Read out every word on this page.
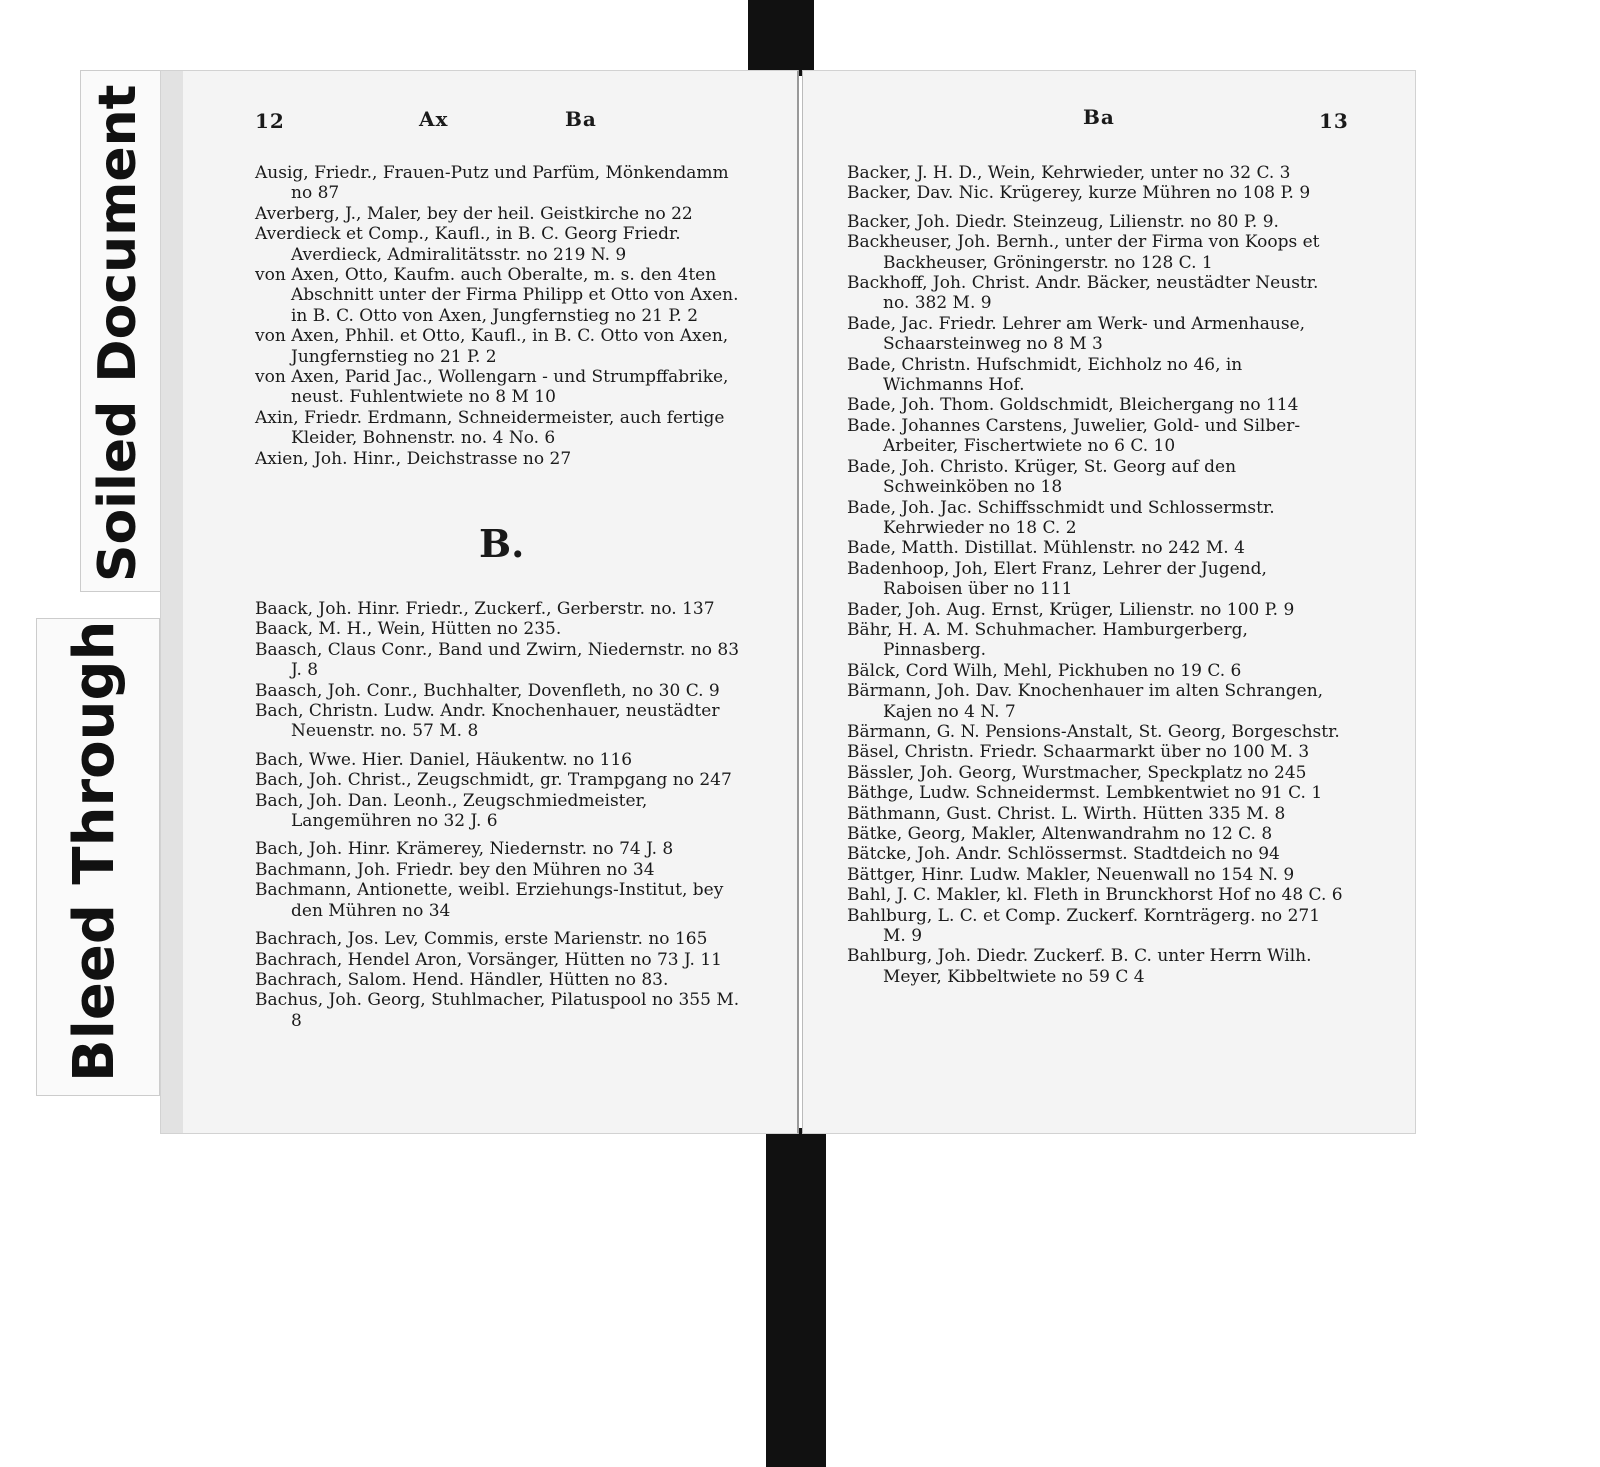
Soiled Document
Bleed Through
12	Ax	Ba
Ausig, Friedr., Frauen-Putz und Parfüm, Mönkendamm no 87
Averberg, J., Maler, bey der heil. Geistkirche no 22
Averdieck et Comp., Kaufl., in B. C. Georg Friedr. Averdieck, Admiralitätsstr. no 219 N. 9
von Axen, Otto, Kaufm. auch Oberalte, m. s. den 4ten Abschnitt unter der Firma Philipp et Otto von Axen. in B. C. Otto von Axen, Jungfernstieg no 21 P. 2
von Axen, Phhil. et Otto, Kaufl., in B. C. Otto von Axen, Jungfernstieg no 21 P. 2
von Axen, Parid Jac., Wollengarn - und Strumpffabrike, neust. Fuhlentwiete no 8 M 10
Axin, Friedr. Erdmann, Schneidermeister, auch fertige Kleider, Bohnenstr. no. 4 No. 6
Axien, Joh. Hinr., Deichstrasse no 27
B.
Baack, Joh. Hinr. Friedr., Zuckerf., Gerberstr. no. 137
Baack, M. H., Wein, Hütten no 235.
Baasch, Claus Conr., Band und Zwirn, Niedernstr. no 83 J. 8
Baasch, Joh. Conr., Buchhalter, Dovenfleth, no 30 C. 9
Bach, Christn. Ludw. Andr. Knochenhauer, neustädter Neuenstr. no. 57 M. 8
Bach, Wwe. Hier. Daniel, Häukentw. no 116
Bach, Joh. Christ., Zeugschmidt, gr. Trampgang no 247
Bach, Joh. Dan. Leonh., Zeugschmiedmeister, Langemühren no 32 J. 6
Bach, Joh. Hinr. Krämerey, Niedernstr. no 74 J. 8
Bachmann, Joh. Friedr. bey den Mühren no 34
Bachmann, Antionette, weibl. Erziehungs-Institut, bey den Mühren no 34
Bachrach, Jos. Lev, Commis, erste Marienstr. no 165
Bachrach, Hendel Aron, Vorsänger, Hütten no 73 J. 11
Bachrach, Salom. Hend. Händler, Hütten no 83.
Bachus, Joh. Georg, Stuhlmacher, Pilatuspool no 355 M. 8
Ba	13
Backer, J. H. D., Wein, Kehrwieder, unter no 32 C. 3
Backer, Dav. Nic. Krügerey, kurze Mühren no 108 P. 9
Backer, Joh. Diedr. Steinzeug, Lilienstr. no 80 P. 9.
Backheuser, Joh. Bernh., unter der Firma von Koops et Backheuser, Gröningerstr. no 128 C. 1
Backhoff, Joh. Christ. Andr. Bäcker, neustädter Neustr. no. 382 M. 9
Bade, Jac. Friedr. Lehrer am Werk- und Armenhause, Schaarsteinweg no 8 M 3
Bade, Christn. Hufschmidt, Eichholz no 46, in Wichmanns Hof.
Bade, Joh. Thom. Goldschmidt, Bleichergang no 114
Bade. Johannes Carstens, Juwelier, Gold- und Silber-Arbeiter, Fischertwiete no 6 C. 10
Bade, Joh. Christo. Krüger, St. Georg auf den Schweinköben no 18
Bade, Joh. Jac. Schiffsschmidt und Schlossermstr. Kehrwieder no 18 C. 2
Bade, Matth. Distillat. Mühlenstr. no 242 M. 4
Badenhoop, Joh, Elert Franz, Lehrer der Jugend, Raboisen über no 111
Bader, Joh. Aug. Ernst, Krüger, Lilienstr. no 100 P. 9
Bähr, H. A. M. Schuhmacher. Hamburgerberg, Pinnasberg.
Bälck, Cord Wilh, Mehl, Pickhuben no 19 C. 6
Bärmann, Joh. Dav. Knochenhauer im alten Schrangen, Kajen no 4 N. 7
Bärmann, G. N. Pensions-Anstalt, St. Georg, Borgeschstr.
Bäsel, Christn. Friedr. Schaarmarkt über no 100 M. 3
Bässler, Joh. Georg, Wurstmacher, Speckplatz no 245
Bäthge, Ludw. Schneidermst. Lembkentwiet no 91 C. 1
Bäthmann, Gust. Christ. L. Wirth. Hütten 335 M. 8
Bätke, Georg, Makler, Altenwandrahm no 12 C. 8
Bätcke, Joh. Andr. Schlössermst. Stadtdeich no 94
Bättger, Hinr. Ludw. Makler, Neuenwall no 154 N. 9
Bahl, J. C. Makler, kl. Fleth in Brunckhorst Hof no 48 C. 6
Bahlburg, L. C. et Comp. Zuckerf. Kornträgerg. no 271 M. 9
Bahlburg, Joh. Diedr. Zuckerf. B. C. unter Herrn Wilh. Meyer, Kibbeltwiete no 59 C 4
